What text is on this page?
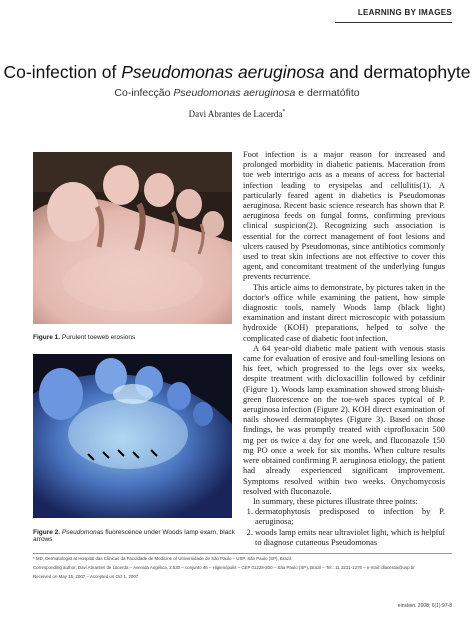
LEARNING BY IMAGES
Co-infection of Pseudomonas aeruginosa and dermatophyte
Co-infecção Pseudomonas aeruginosa e dermatófito
Davi Abrantes de Lacerda*
Figure 1. Purulent toeweb erosions
Figure 2. Pseudomonas fluorescence under Woods lamp exam, black arrows

Foot infection is a major reason for increased and prolonged morbidity in diabetic patients. Maceration from toe web intertrigo acts as a means of access for bacterial infection leading to erysipelas and cellulitis(1). A particularly feared agent in diabetics is Pseudomonas aeruginosa. Recent basic science research has shown that P. aeruginosa feeds on fungal forms, confirming previous clinical suspicion(2). Recognizing such association is essential for the correct management of foot lesions and ulcers caused by Pseudomonas, since antibiotics commonly used to treat skin infections are not effective to cover this agent, and concomitant treatment of the underlying fungus prevents recurrence.

This article aims to demonstrate, by pictures taken in the doctor's office while examining the patient, how simple diagnostic tools, namely Woods lamp (black light) examination and instant direct microscopic with potassium hydroxide (KOH) preparations, helped to solve the complicated case of diabetic foot infection.

A 64 year-old diabetic male patient with venous stasis came for evaluation of erosive and foul-smelling lesions on his feet, which progressed to the legs over six weeks, despite treatment with dicloxacillin followed by cefdinir (Figure 1). Woods lamp examination showed strong bluish-green fluorescence on the toe-web spaces typical of P. aeruginosa infection (Figure 2). KOH direct examination of nails showed dermatophytes (Figure 3). Based on those findings, he was promptly treated with ciprofloxacin 500 mg per os twice a day for one week, and fluconazole 150 mg PO once a week for six months. When culture results were obtained confirming P. aeruginosa etiology, the patient had already experienced significant improvement. Symptoms resolved within two weeks. Onychomycosis resolved with fluconazole.

In summary, these pictures illustrate three points:

1. dermatophytosis predisposed to infection by P. aeruginosa;
2. woods lamp emits near ultraviolet light, which is helpful to diagnose cutaneous Pseudomonas
* MD, Dermatologist at Hospital das Clínicas da Faculdade de Medicine of Universidade de São Paulo – USP, São Paulo (SP), Brazil.
Corresponding author: Davi Abrantes de Lacerda – Avenida Angélica, 2.530 – conjunto 46 – Higienópolis – CEP 01228-200 – São Paulo (SP), Brazil – Tel.: 11 3231-1276 – e-mail: dlacerda@usp.br
Received on May 15, 2007 – Accepted on Oct 1, 2007
einstein. 2008; 6(1):97-8
